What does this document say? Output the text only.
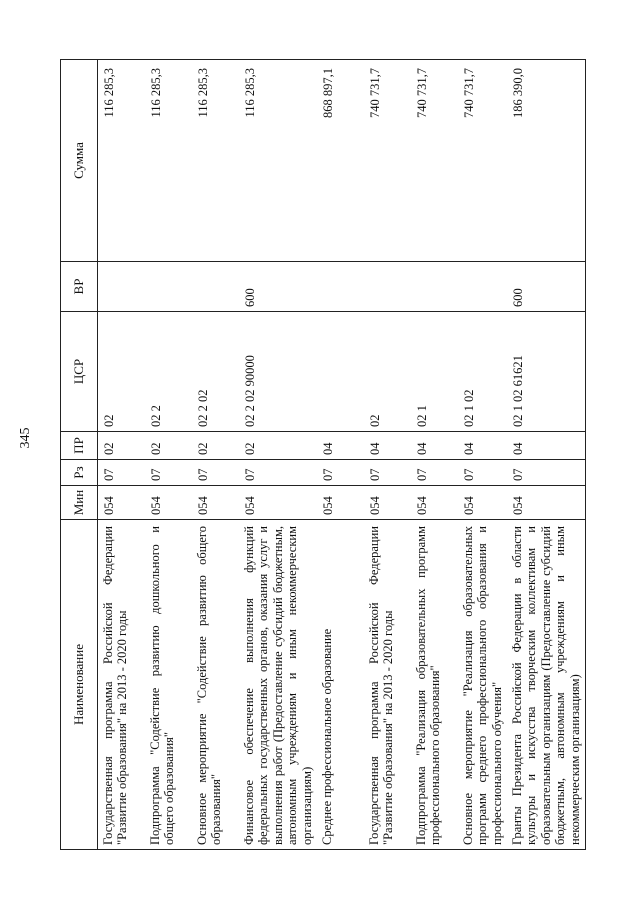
345
Наименование	Мин	Рз	ПР	ЦСР	ВР	Сумма
Государственная программа Российской Федерации "Развитие образования" на 2013 - 2020 годы	054	07	02	02		116 285,3
Подпрограмма "Содействие развитию дошкольного и общего образования"	054	07	02	02 2		116 285,3
Основное мероприятие "Содействие развитию общего образования"	054	07	02	02 2 02		116 285,3
Финансовое обеспечение выполнения функций федеральных государственных органов, оказания услуг и выполнения работ (Предоставление субсидий бюджетным, автономным учреждениям и иным некоммерческим организациям)	054	07	02	02 2 02 90000	600	116 285,3
Среднее профессиональное образование	054	07	04			868 897,1
Государственная программа Российской Федерации "Развитие образования" на 2013 - 2020 годы	054	07	04	02		740 731,7
Подпрограмма "Реализация образовательных программ профессионального образования"	054	07	04	02 1		740 731,7
Основное мероприятие "Реализация образовательных программ среднего профессионального образования и профессионального обучения"	054	07	04	02 1 02		740 731,7
Гранты Президента Российской Федерации в области культуры и искусства творческим коллективам и образовательным организациям (Предоставление субсидий бюджетным, автономным учреждениям и иным некоммерческим организациям)	054	07	04	02 1 02 61621	600	186 390,0
